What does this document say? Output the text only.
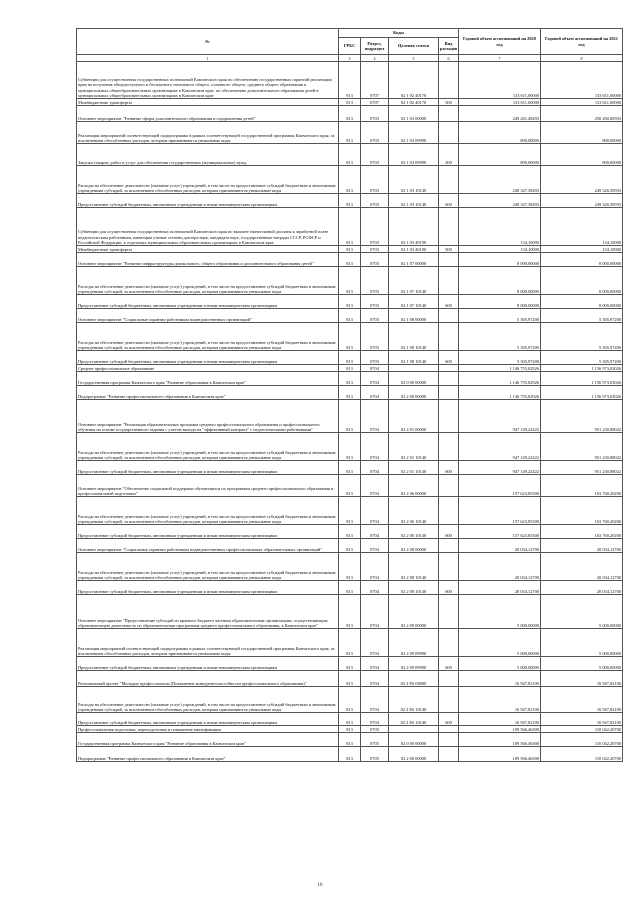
№	Коды				Годовой объем ассигнований на 2020 год	Годовой объем ассигнований на 2021 год
	ГРБС	Раздел, подраздел	Целевая статья	Вид расходов		
1	3	4	5	6	7	8
Субвенции для осуществления государственных полномочий Камчатского края по обеспечению государственных гарантий реализации прав на получение общедоступного и бесплатного начального общего, основного общего, среднего общего образования в муниципальных общеобразовательных организациях в Камчатском крае, по обеспечению дополнительного образования детей в муниципальных общеобразовательных организациях в Камчатском крае	813	0707	02 1 02 40170		133 611,00000	133 611,00000
Межбюджетные трансферты	813	0707	02 1 02 40170	500	133 611,00000	133 611,00000
Основное мероприятие "Развитие сферы дополнительного образования и оздоровления детей"	813	0703	02 1 03 00000		249 261,48493	250 260,68593
Реализация мероприятий соответствующей подпрограммы в рамках соответствующей государственной программы Камчатского края, за исключением обособленных расходов, которым присваиваются уникальные коды	813	0703	02 1 03 09990		800,00000	800,00000
Закупка товаров, работ и услуг для обеспечения государственных (муниципальных) нужд	813	0703	02 1 03 09990	200	800,00000	800,00000
Расходы на обеспечение деятельности (оказание услуг) учреждений, в том числе на предоставление субсидий бюджетным и автономным учреждениям субсидий, за исключением обособленных расходов, которым присваиваются уникальные коды	813	0703	02 1 03 10140		248 347,38493	249 326,58593
Предоставление субсидий бюджетным, автономным учреждениям и иным некоммерческим организациям	813	0703	02 1 03 10140	600	248 347,38493	249 326,58593
Субвенции для осуществления государственных полномочий Камчатского края по выплате ежемесячной доплаты к заработной плате педагогическим работникам, имеющим ученые степени доктора наук, кандидата наук, государственные награды СССР, РСФСР и Российской Федерации, в отдельных муниципальных образовательных организациях в Камчатском крае	813	0703	02 1 03 40190		134,10000	134,10000
Межбюджетные трансферты	813	0703	02 1 03 40190	500	134,10000	134,10000
Основное мероприятие "Развитие инфраструктуры дошкольного, общего образования и дополнительного образования детей"	813	0703	02 1 07 00000		8 000,00000	8 000,00000
Расходы на обеспечение деятельности (оказание услуг) учреждений, в том числе на предоставление субсидий бюджетным и автономным учреждениям субсидий, за исключением обособленных расходов, которым присваиваются уникальные коды	813	0703	02 1 07 10140		8 000,00000	8 000,00000
Предоставление субсидий бюджетным, автономным учреждениям и иным некоммерческим организациям	813	0703	02 1 07 10140	600	8 000,00000	8 000,00000
Основное мероприятие "Социальные гарантии работникам подведомственных организаций"	813	0703	02 1 08 00000		5 305,97200	5 305,97200
Расходы на обеспечение деятельности (оказание услуг) учреждений, в том числе на предоставление субсидий бюджетным и автономным учреждениям субсидий, за исключением обособленных расходов, которым присваиваются уникальные коды	813	0703	02 1 08 10140		5 305,97200	5 305,97200
Предоставление субсидий бюджетным, автономным учреждениям и иным некоммерческим организациям	813	0703	02 1 08 10140	600	5 305,97200	5 305,97200
Среднее профессиональное образование	813	0704			1 146 755,02926	1 156 973,03026
Государственная программа Камчатского края "Развитие образования в Камчатском крае"	813	0704	02 0 00 00000		1 146 755,02926	1 156 973,03026
Подпрограмма "Развитие профессионального образования в Камчатском крае"	813	0704	02 2 00 00000		1 146 755,02926	1 156 973,03026
Основное мероприятие "Реализация образовательных программ среднего профессионального образования и профессионального обучения на основе государственного задания с учетом выхода на "эффективный контракт" с педагогическими работниками"	813	0704	02 2 01 00000		947 149,22422	951 230,88022
Расходы на обеспечение деятельности (оказание услуг) учреждений, в том числе на предоставление субсидий бюджетным и автономным учреждениям субсидий, за исключением обособленных расходов, которым присваиваются уникальные коды	813	0704	02 2 01 10140		947 149,22422	951 230,88022
Предоставление субсидий бюджетным, автономным учреждениям и иным некоммерческим организациям	813	0704	02 2 01 10140	600	947 149,22422	951 230,88022
Основное мероприятие "Обеспечение социальной поддержки обучающихся по программам среднего профессионального образования и профессиональной подготовки"	813	0704	02 2 06 00000		157 623,85300	163 760,20200
Расходы на обеспечение деятельности (оказание услуг) учреждений, в том числе на предоставление субсидий бюджетным и автономным учреждениям субсидий, за исключением обособленных расходов, которым присваиваются уникальные коды	813	0704	02 2 06 10140		157 623,85300	163 760,20200
Предоставление субсидий бюджетным, автономным учреждениям и иным некоммерческим организациям	813	0704	02 2 06 10140	600	157 623,85300	163 760,20200
Основное мероприятие "Социальные гарантии работникам подведомственных профессиональных образовательных организаций"	813	0704	02 2 08 00000		20 034,12700	20 034,12700
Расходы на обеспечение деятельности (оказание услуг) учреждений, в том числе на предоставление субсидий бюджетным и автономным учреждениям субсидий, за исключением обособленных расходов, которым присваиваются уникальные коды	813	0704	02 2 08 10140		20 034,12700	20 034,12700
Предоставление субсидий бюджетным, автономным учреждениям и иным некоммерческим организациям	813	0704	02 2 08 10140	600	20 034,12700	20 034,12700
Основное мероприятие "Предоставление субсидий из краевого бюджета частным образовательным организациям, осуществляющим образовательную деятельность по образовательным программам среднего профессионального образования, в Камчатском крае"	813	0704	02 2 09 00000		5 000,00000	5 000,00000
Реализация мероприятий соответствующей подпрограммы в рамках соответствующей государственной программы Камчатского края, за исключением обособленных расходов, которым присваиваются уникальные коды	813	0704	02 2 09 09990		5 000,00000	5 000,00000
Предоставление субсидий бюджетным, автономным учреждениям и иным некоммерческим организациям	813	0704	02 2 09 09990	600	5 000,00000	5 000,00000
Региональный проект "Молодые профессионалы (Повышение конкурентоспособности профессионального образования)"	813	0704	02 2 E6 00000		16 947,82100	16 947,82100
Расходы на обеспечение деятельности (оказание услуг) учреждений, в том числе на предоставление субсидий бюджетным и автономным учреждениям субсидий, за исключением обособленных расходов, которым присваиваются уникальные коды	813	0704	02 2 E6 10140		16 947,82100	16 947,82100
Предоставление субсидий бюджетным, автономным учреждениям и иным некоммерческим организациям	813	0704	02 2 E6 10140	600	16 947,82100	16 947,82100
Профессиональная подготовка, переподготовка и повышение квалификации	813	0705			109 566,46300	110 042,20700
Государственная программа Камчатского края "Развитие образования в Камчатском крае"	813	0705	02 0 00 00000		109 566,46300	110 042,20700
Подпрограмма "Развитие профессионального образования в Камчатском крае"	813	0705	02 2 00 00000		109 566,46300	110 042,20700
16
